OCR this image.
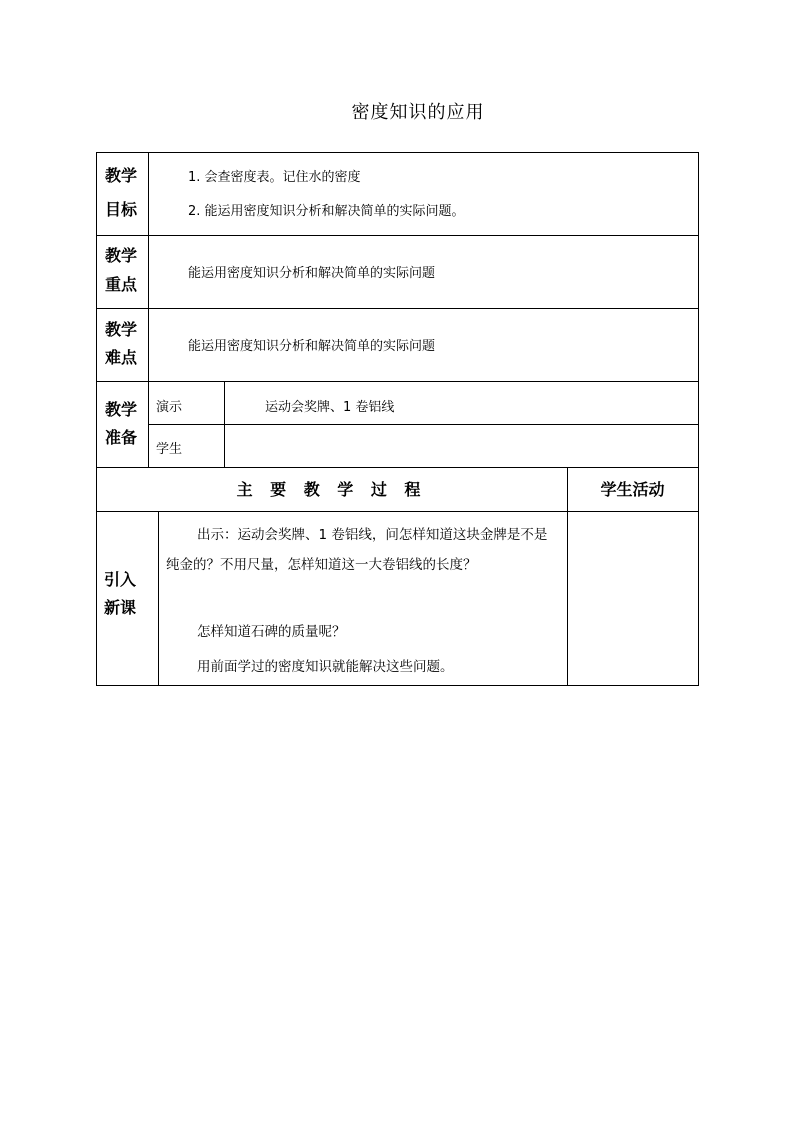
密度知识的应用
教学
目标
1. 会查密度表。记住水的密度
2. 能运用密度知识分析和解决简单的实际问题。
教学
重点
能运用密度知识分析和解决简单的实际问题
教学
难点
能运用密度知识分析和解决简单的实际问题
教学
准备
演示	运动会奖牌、1 卷铝线
学生
主 要 教 学 过 程	学生活动
引入
新课
出示：运动会奖牌、1 卷铝线，问怎样知道这块金牌是不是纯金的？不用尺量，怎样知道这一大卷铝线的长度？
怎样知道石碑的质量呢？
用前面学过的密度知识就能解决这些问题。
